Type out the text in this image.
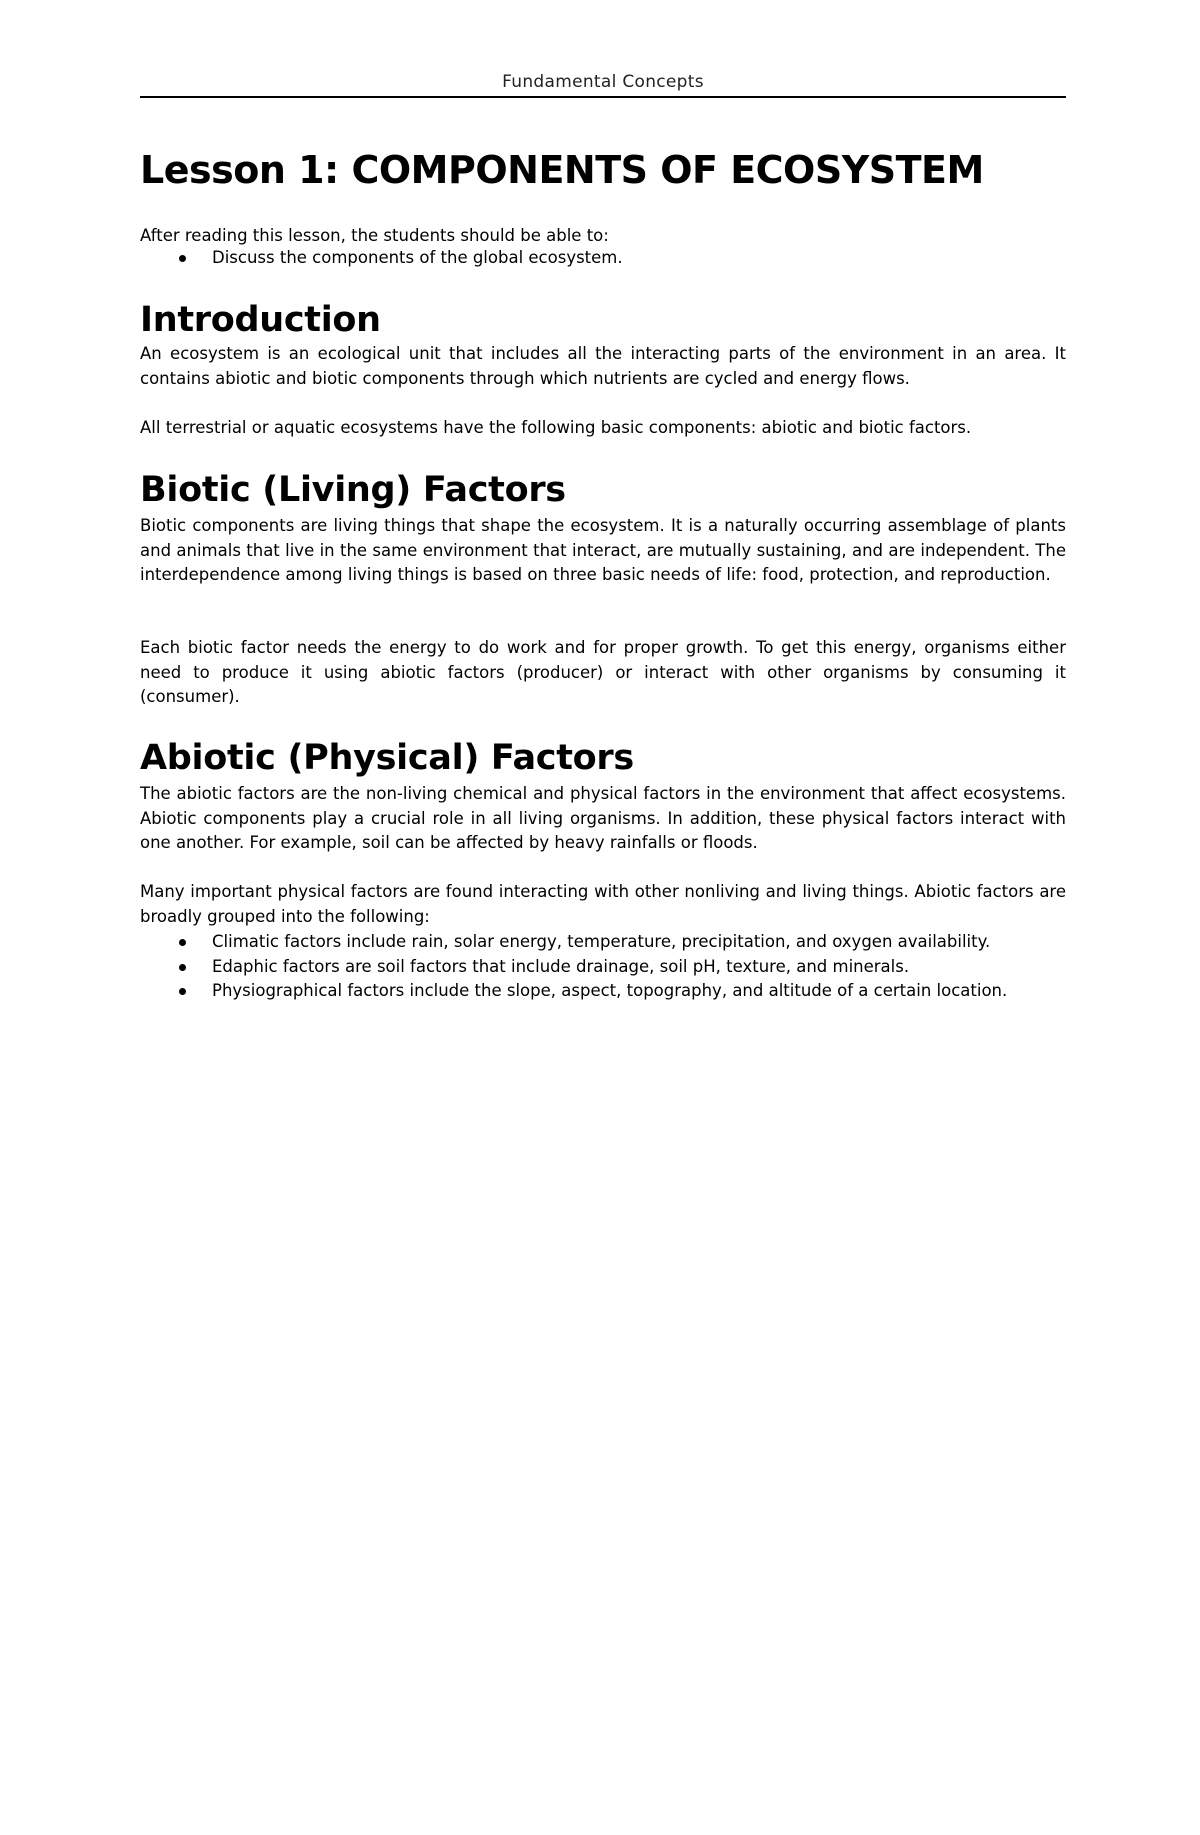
Fundamental Concepts
Lesson 1: COMPONENTS OF ECOSYSTEM

After reading this lesson, the students should be able to:

Discuss the components of the global ecosystem.
Introduction

An ecosystem is an ecological unit that includes all the interacting parts of the environment in an area. It contains abiotic and biotic components through which nutrients are cycled and energy flows.

All terrestrial or aquatic ecosystems have the following basic components: abiotic and biotic factors.

Biotic (Living) Factors

Biotic components are living things that shape the ecosystem. It is a naturally occurring assemblage of plants and animals that live in the same environment that interact, are mutually sustaining, and are independent. The interdependence among living things is based on three basic needs of life: food, protection, and reproduction.

Each biotic factor needs the energy to do work and for proper growth. To get this energy, organisms either need to produce it using abiotic factors (producer) or interact with other organisms by consuming it (consumer).

Abiotic (Physical) Factors

The abiotic factors are the non-living chemical and physical factors in the environment that affect ecosystems. Abiotic components play a crucial role in all living organisms. In addition, these physical factors interact with one another. For example, soil can be affected by heavy rainfalls or floods.

Many important physical factors are found interacting with other nonliving and living things. Abiotic factors are broadly grouped into the following:

Climatic factors include rain, solar energy, temperature, precipitation, and oxygen availability.
Edaphic factors are soil factors that include drainage, soil pH, texture, and minerals.
Physiographical factors include the slope, aspect, topography, and altitude of a certain location.
